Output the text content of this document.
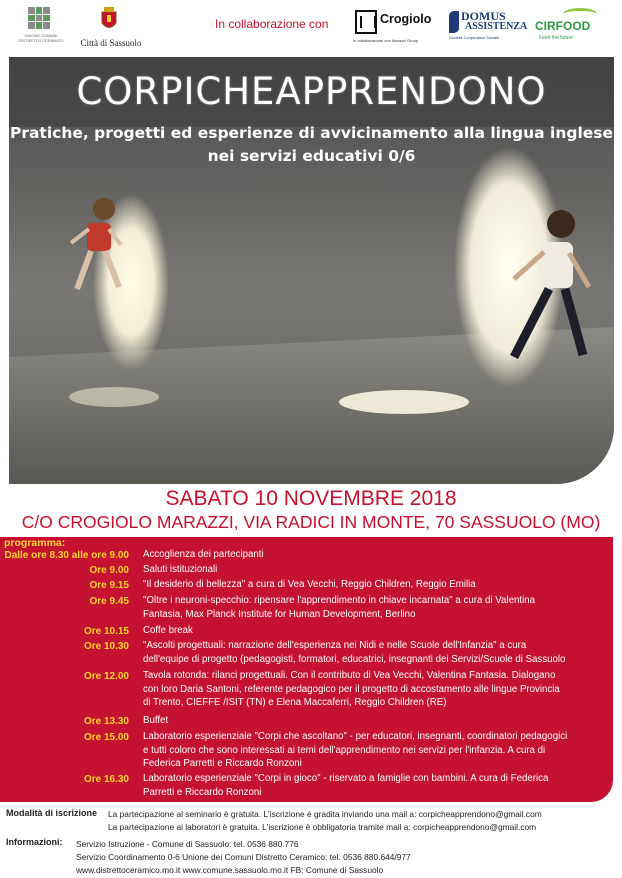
UNIONE COMUNI DISTRETTO CERAMICO	Città di Sassuolo
In collaborazione con	Crogiolo
In collaborazione con Marazzi Group
DOMUS
ASSISTENZA
Società Cooperativa Sociale
CIRFOOD
Feed the future
CORPICHEAPPRENDONO
Pratiche, progetti ed esperienze di avvicinamento alla lingua inglese
nei servizi educativi 0/6
SABATO 10 NOVEMBRE 2018
C/O CROGIOLO MARAZZI, VIA RADICI IN MONTE, 70 SASSUOLO (MO)
programma:
Dalle ore 8.30 alle ore 9.00 Accoglienza dei partecipanti
Ore 9.00 Saluti istituzionali
Ore 9.15 "Il desiderio di bellezza" a cura di Vea Vecchi, Reggio Children, Reggio Emilia
Ore 9.45 "Oltre i neuroni-specchio: ripensare l'apprendimento in chiave incarnata" a cura di Valentina
Fantasia, Max Planck Institute for Human Development, Berlino
Ore 10.15 Coffe break
Ore 10.30 "Ascolti progettuali: narrazione dell'esperienza nei Nidi e nelle Scuole dell'Infanzia" a cura
dell'equipe di progetto (pedagogisti, formatori, educatrici, insegnanti dei Servizi/Scuole di Sassuolo
Ore 12.00 Tavola rotonda: rilanci progettuali. Con il contributo di Vea Vecchi, Valentina Fantasia. Dialogano
con loro Daria Santoni, referente pedagogico per il progetto di accostamento alle lingue Provincia
di Trento, CIEFFE /ISIT (TN) e Elena Maccaferri, Reggio Children (RE)
Ore 13.30 Buffet
Ore 15.00 Laboratorio esperienziale "Corpi che ascoltano" - per educatori, insegnanti, coordinatori pedagogici
e tutti coloro che sono interessati ai temi dell'apprendimento nei servizi per l'infanzia. A cura di
Federica Parretti e Riccardo Ronzoni
Ore 16.30 Laboratorio esperienziale "Corpi in gioco" - riservato a famiglie con bambini. A cura di Federica
Parretti e Riccardo Ronzoni
Modalità di iscrizione La partecipazione al seminario è gratuita. L'iscrizione è gradita inviando una mail a: corpicheapprendono@gmail.com
La partecipazione ai laboratori è gratuita. L'iscrizione è obbligatoria tramite mail a: corpicheapprendono@gmail.com
Informazioni: Servizio Istruzione - Comune di Sassuolo: tel. 0536 880.776
Servizio Coordinamento 0-6 Unione dei Comuni Distretto Ceramico: tel. 0536 880.644/977
www.distrettoceramico.mo.it www.comune.sassuolo.mo.it FB: Comune di Sassuolo
